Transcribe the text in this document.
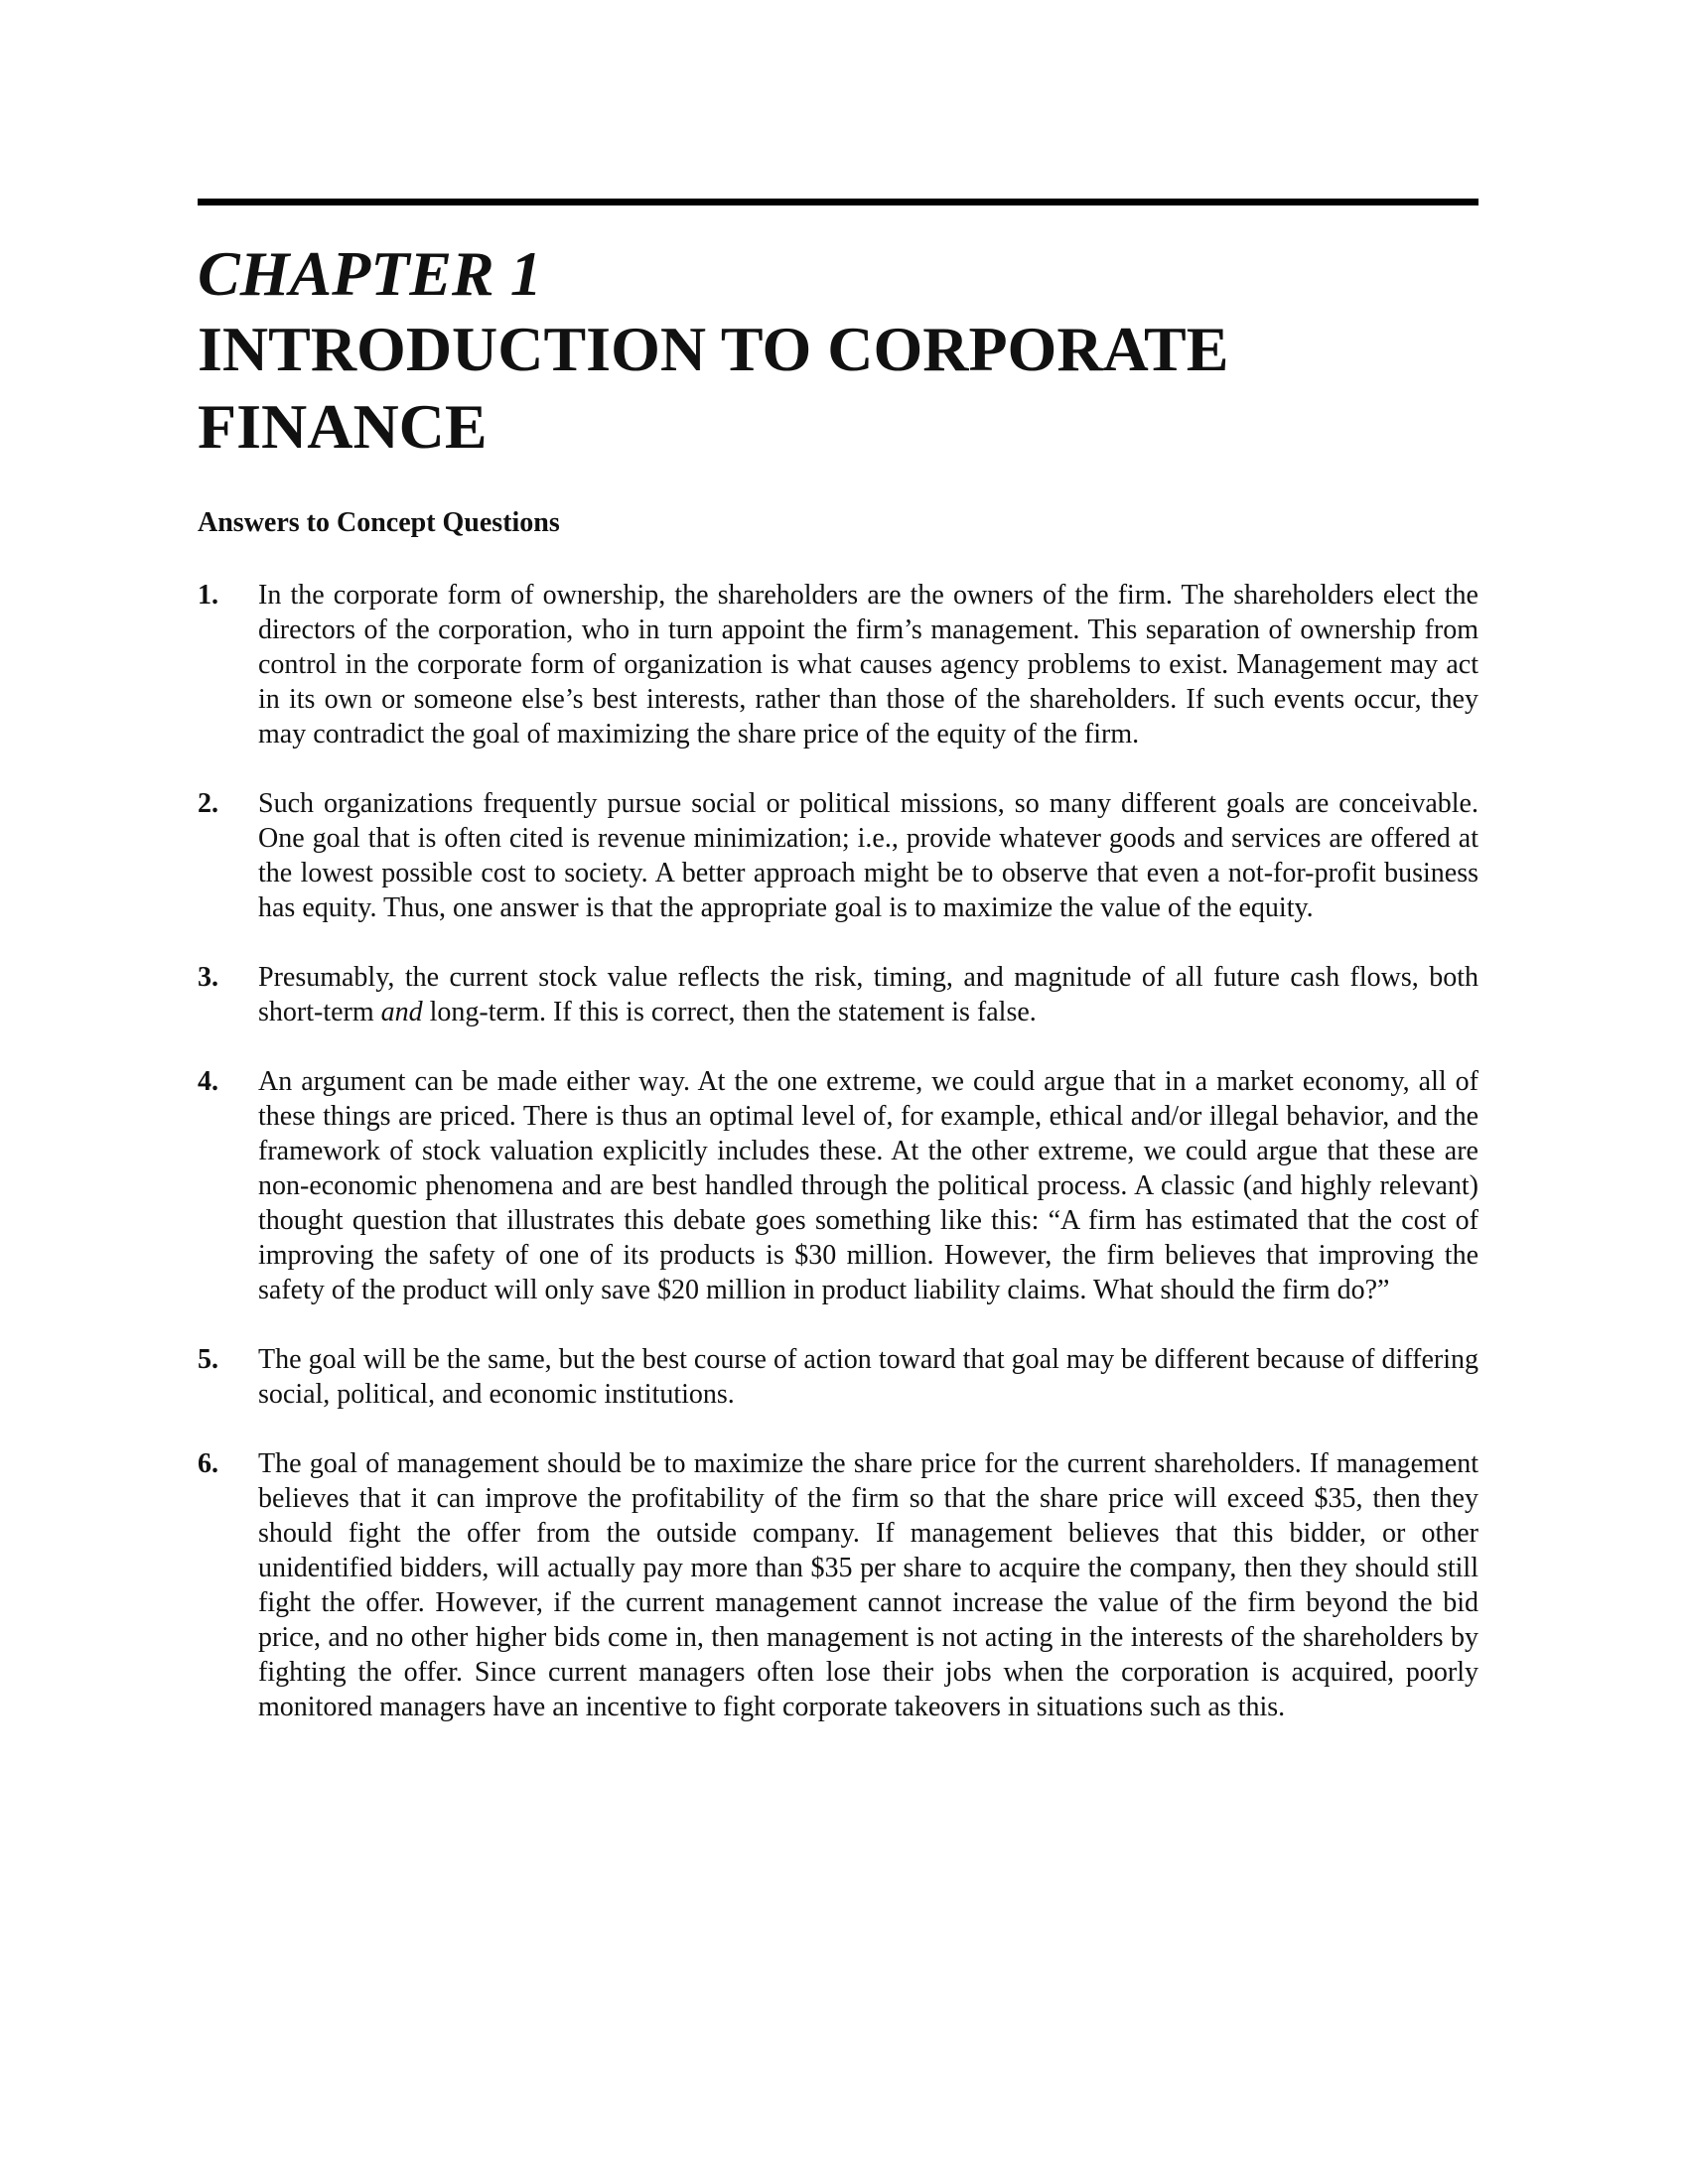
CHAPTER 1
INTRODUCTION TO CORPORATE FINANCE
Answers to Concept Questions
1.	In the corporate form of ownership, the shareholders are the owners of the firm. The shareholders elect the directors of the corporation, who in turn appoint the firm’s management. This separation of ownership from control in the corporate form of organization is what causes agency problems to exist. Management may act in its own or someone else’s best interests, rather than those of the shareholders. If such events occur, they may contradict the goal of maximizing the share price of the equity of the firm.
2.	Such organizations frequently pursue social or political missions, so many different goals are conceivable. One goal that is often cited is revenue minimization; i.e., provide whatever goods and services are offered at the lowest possible cost to society. A better approach might be to observe that even a not-for-profit business has equity. Thus, one answer is that the appropriate goal is to maximize the value of the equity.
3.	Presumably, the current stock value reflects the risk, timing, and magnitude of all future cash flows, both short-term and long-term. If this is correct, then the statement is false.
4.	An argument can be made either way. At the one extreme, we could argue that in a market economy, all of these things are priced. There is thus an optimal level of, for example, ethical and/or illegal behavior, and the framework of stock valuation explicitly includes these. At the other extreme, we could argue that these are non-economic phenomena and are best handled through the political process. A classic (and highly relevant) thought question that illustrates this debate goes something like this: “A firm has estimated that the cost of improving the safety of one of its products is $30 million. However, the firm believes that improving the safety of the product will only save $20 million in product liability claims. What should the firm do?”
5.	The goal will be the same, but the best course of action toward that goal may be different because of differing social, political, and economic institutions.
6.	The goal of management should be to maximize the share price for the current shareholders. If management believes that it can improve the profitability of the firm so that the share price will exceed $35, then they should fight the offer from the outside company. If management believes that this bidder, or other unidentified bidders, will actually pay more than $35 per share to acquire the company, then they should still fight the offer. However, if the current management cannot increase the value of the firm beyond the bid price, and no other higher bids come in, then management is not acting in the interests of the shareholders by fighting the offer. Since current managers often lose their jobs when the corporation is acquired, poorly monitored managers have an incentive to fight corporate takeovers in situations such as this.
